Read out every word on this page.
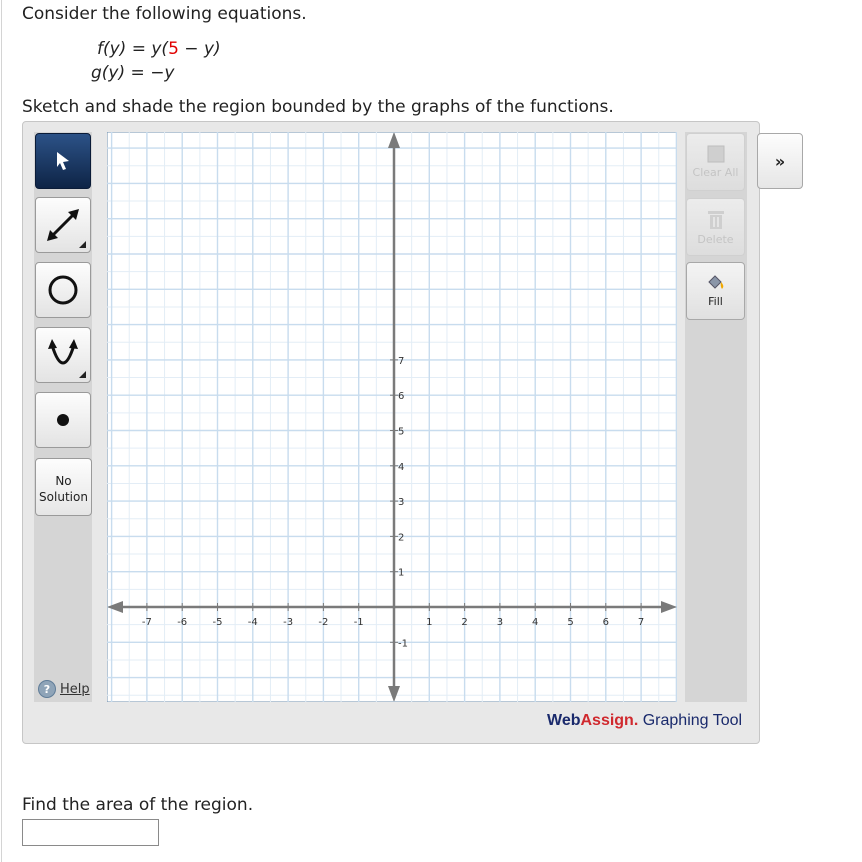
Consider the following equations.
f(y) = y(5 − y)
g(y) = −y
Sketch and shade the region bounded by the graphs of the functions.
No
Solution
? Help
Clear All
Delete
Fill
»
-7	-6	-5	-4	-3	-2	-1	1	2	3	4	5	6	7
7
6
5
4
3
2
1
-1
WebAssign. Graphing Tool
Find the area of the region.
